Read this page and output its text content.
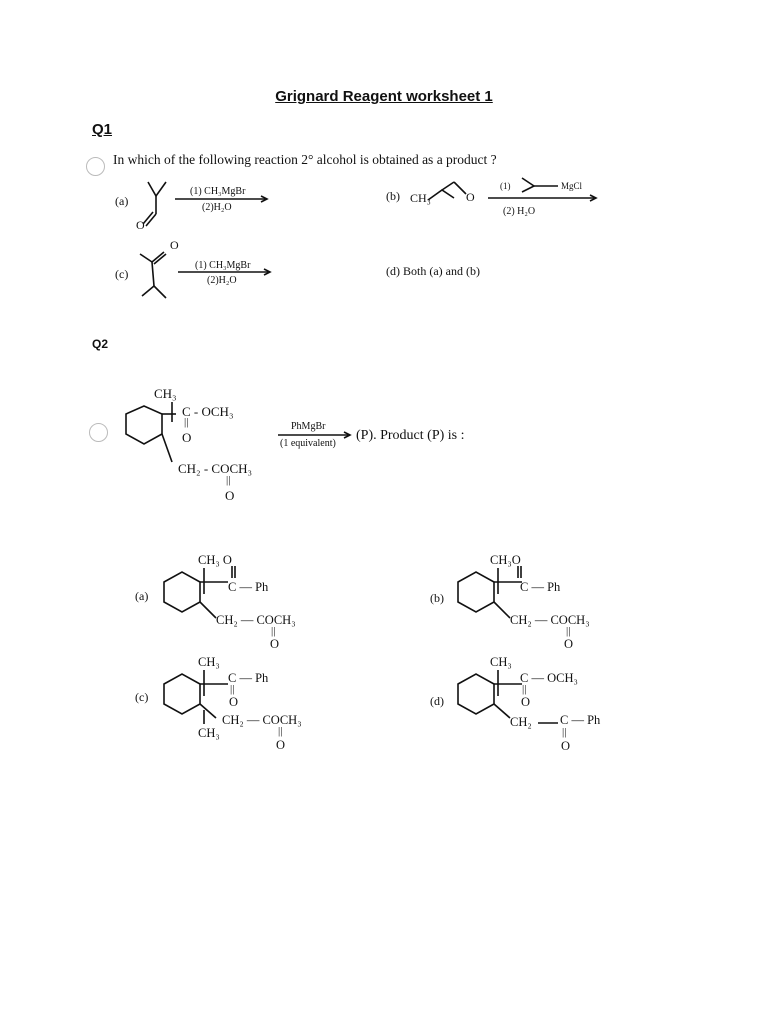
Grignard Reagent worksheet 1
Q1
In which of the following reaction 2° alcohol is obtained as a product ?
(a)
O
(1) CH₃MgBr
(2)H₂O
(b) CH₃	O
(1)	MgCl
(2) H₂O
(c)
O
(1) CH₃MgBr
(2)H₂O
(d) Both (a) and (b)
Q2
CH₃
C - OCH₃
||
O
CH₂ - COCH₃
||
O
PhMgBr
(1 equivalent)
(P). Product (P) is :
(a)
CH₃ O
C — Ph
CH₂ — COCH₃
||
O
(b)
CH₃O
C — Ph
CH₂ — COCH₃
||
O
(c)
CH₃
C — Ph
||
O
CH₂ — COCH₃
||
O
CH₃
(d)
CH₃
C — OCH₃
||
O
CH₂ C — Ph
||
O
